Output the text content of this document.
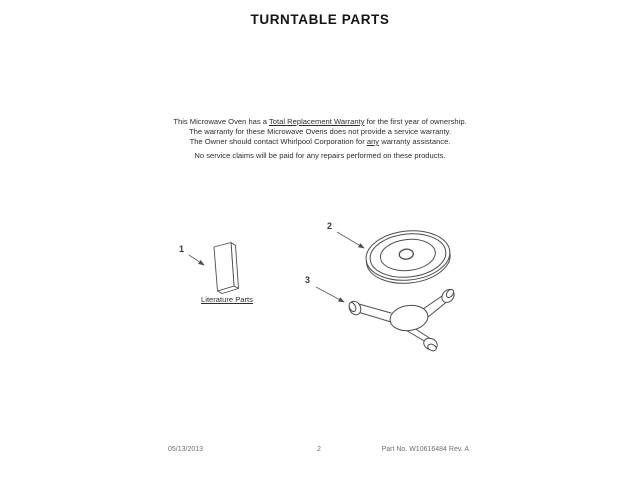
TURNTABLE PARTS
This Microwave Oven has a Total Replacement Warranty for the first year of ownership.
The warranty for these Microwave Ovens does not provide a service warranty.
The Owner should contact Whirlpool Corporation for any warranty assistance.
No service claims will be paid for any repairs performed on these products.
1
2
3
Literature Parts
05/13/2013	2	Part No. W10616484 Rev. A
